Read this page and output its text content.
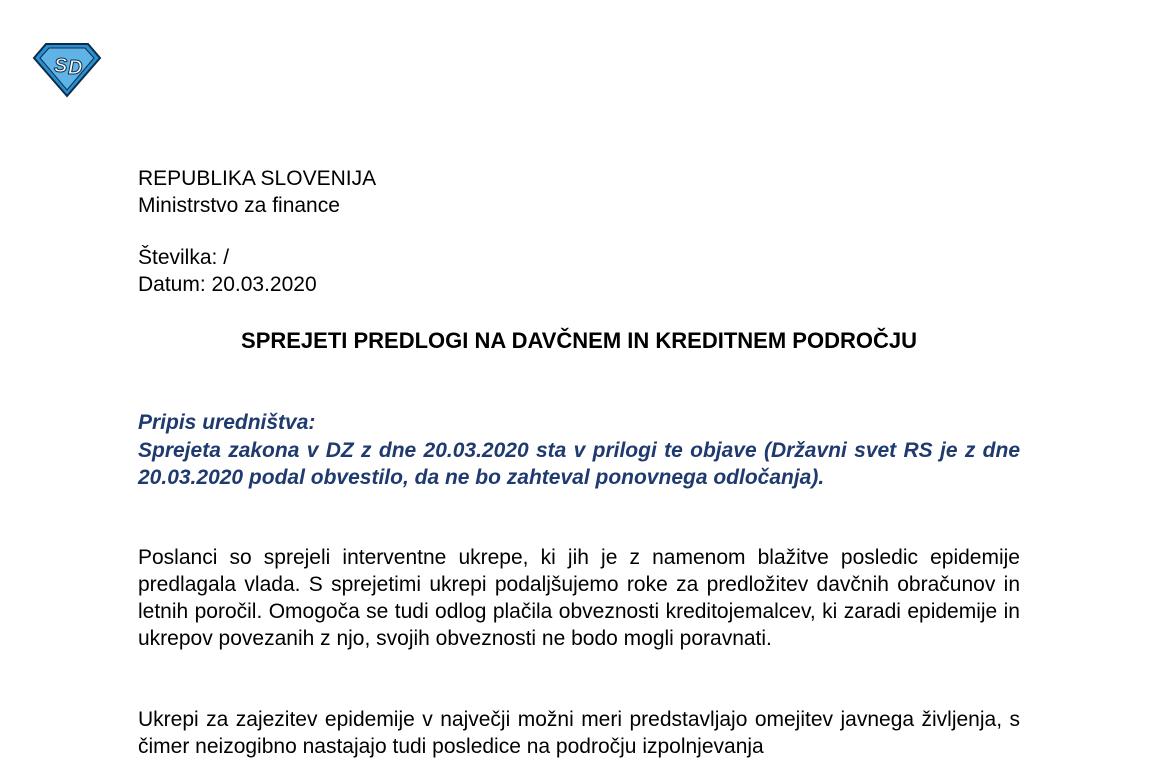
S D
REPUBLIKA SLOVENIJA
Ministrstvo za finance
Številka: /
Datum: 20.03.2020
SPREJETI PREDLOGI NA DAVČNEM IN KREDITNEM PODROČJU
Pripis uredništva:
Sprejeta zakona v DZ z dne 20.03.2020 sta v prilogi te objave (Državni svet RS je z dne 20.03.2020 podal obvestilo, da ne bo zahteval ponovnega odločanja).
Poslanci so sprejeli interventne ukrepe, ki jih je z namenom blažitve posledic epidemije predlagala vlada. S sprejetimi ukrepi podaljšujemo roke za predložitev davčnih obračunov in letnih poročil. Omogoča se tudi odlog plačila obveznosti kreditojemalcev, ki zaradi epidemije in ukrepov povezanih z njo, svojih obveznosti ne bodo mogli poravnati.
Ukrepi za zajezitev epidemije v največji možni meri predstavljajo omejitev javnega življenja, s čimer neizogibno nastajajo tudi posledice na področju izpolnjevanja
